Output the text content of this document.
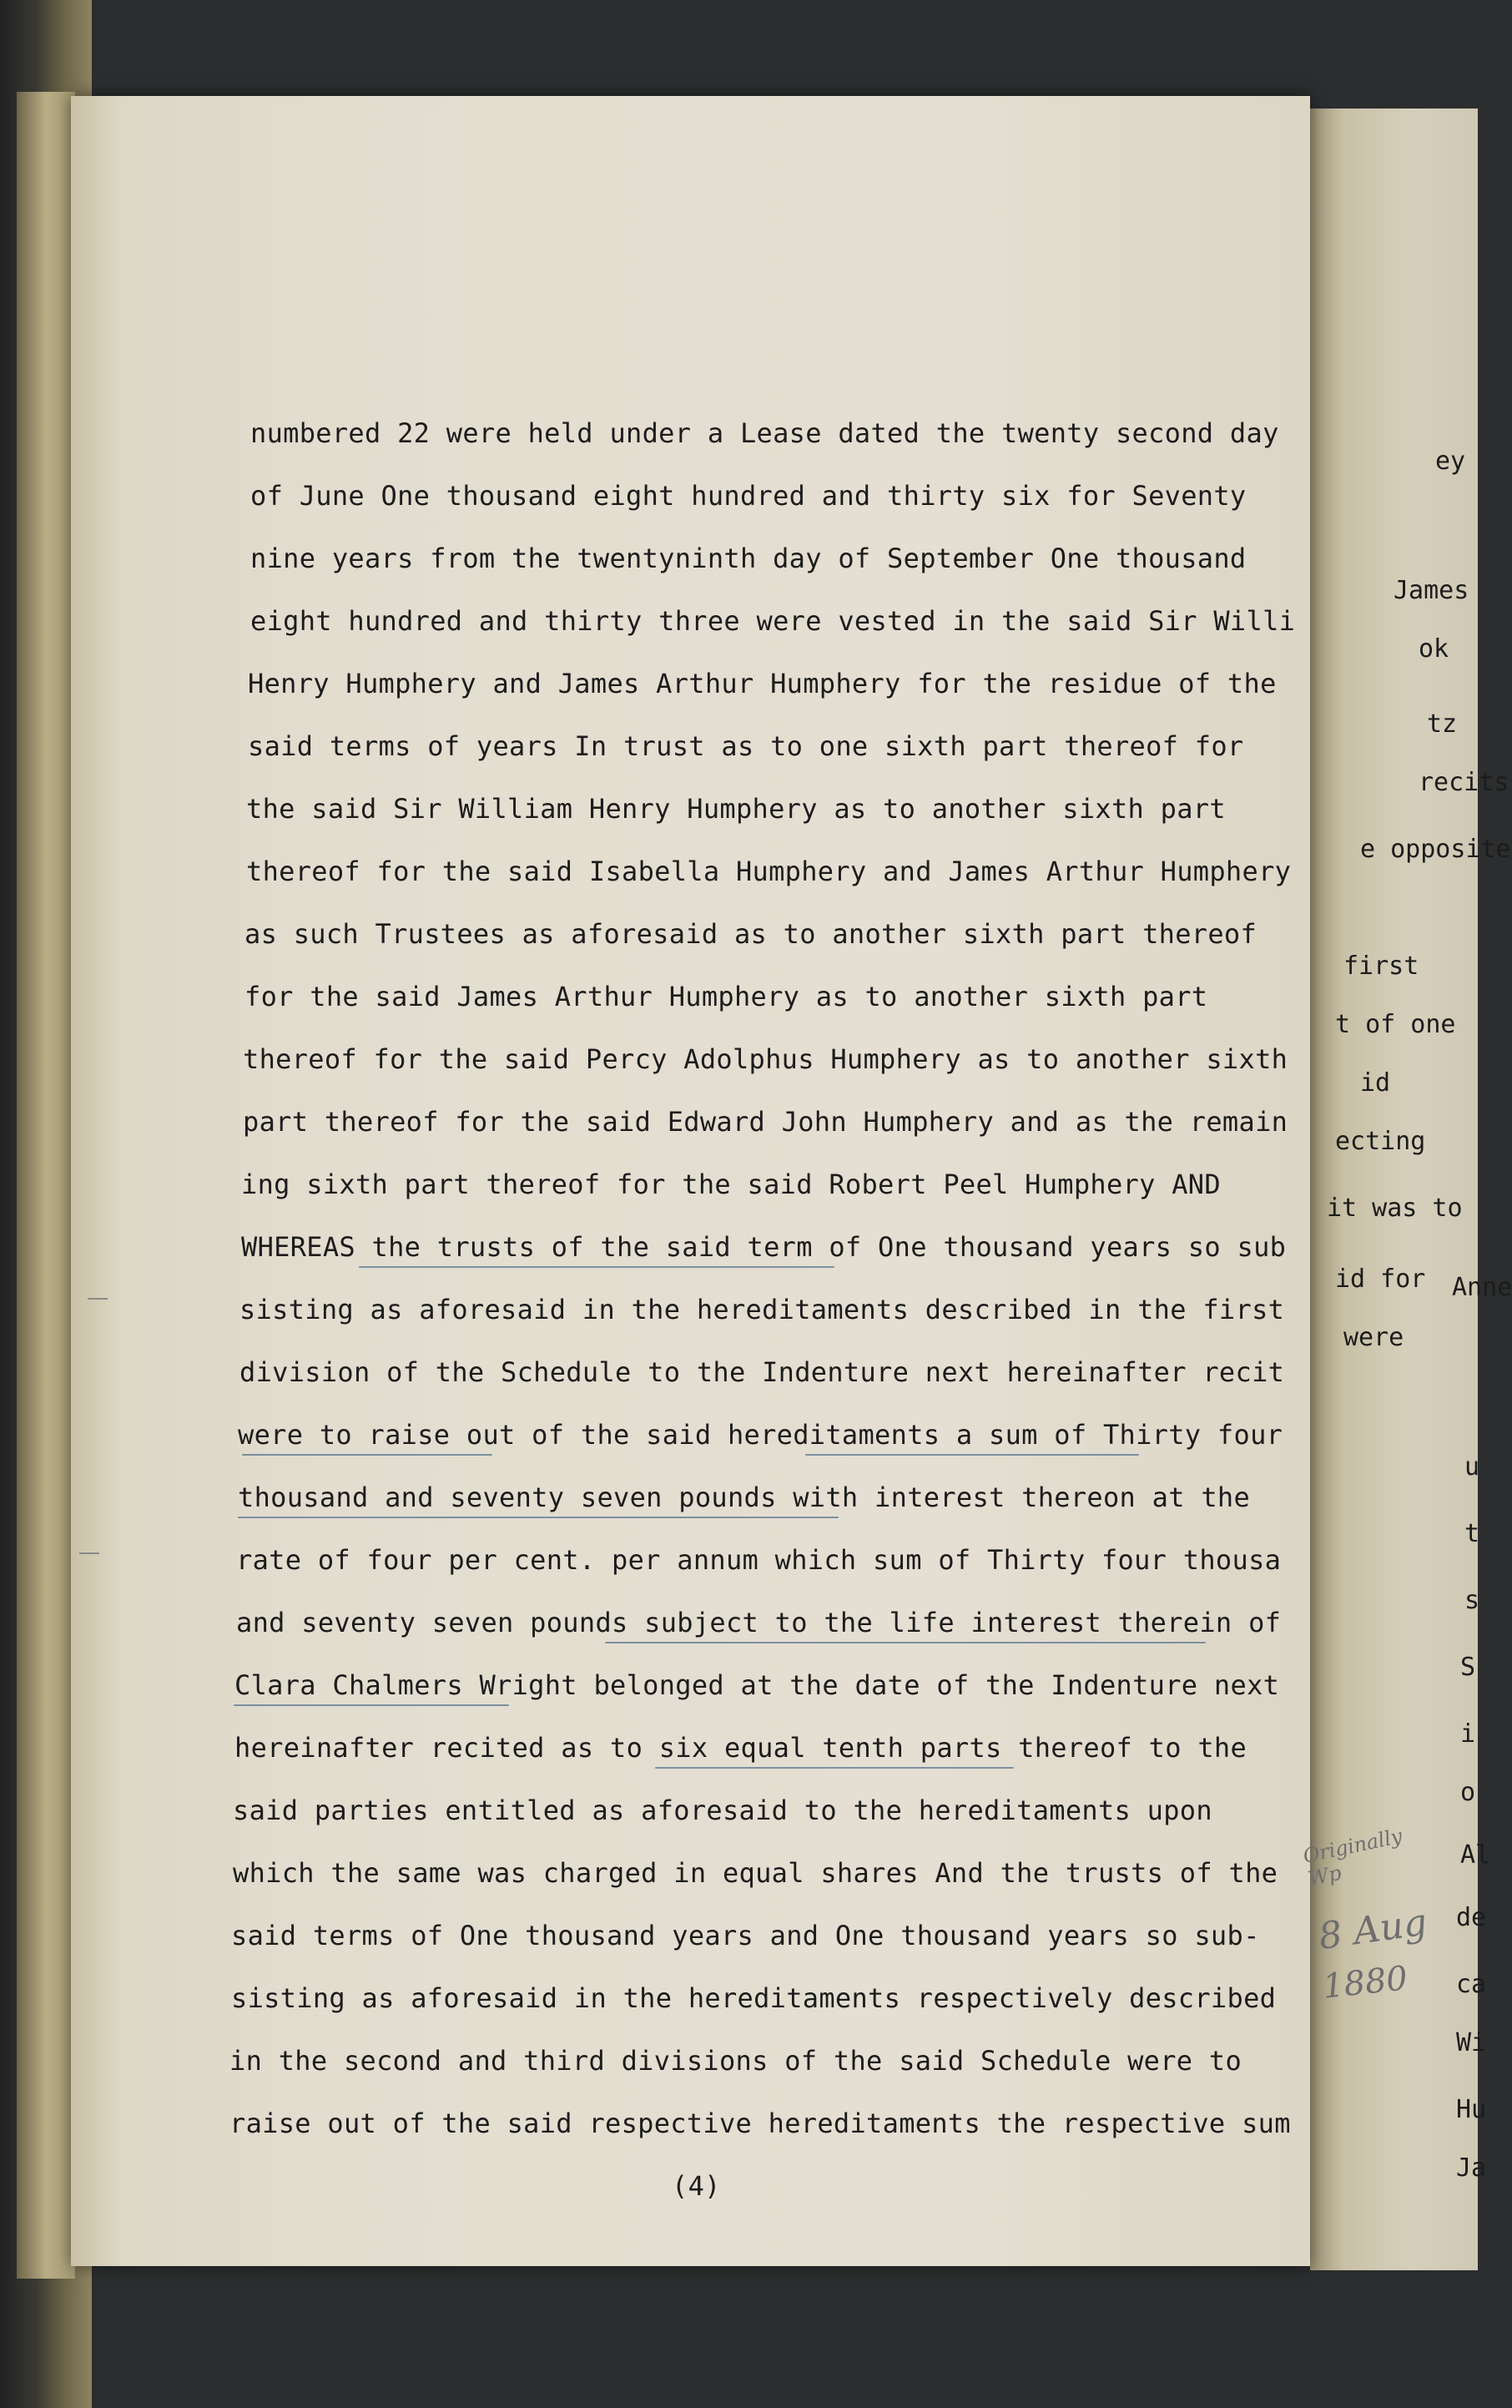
ey
James
ok
tz
recits
e opposite
first
t of one
id
ecting
it was to
id for
were
Anne
u
t
s
S
i
o
Al
de
ca
Wi
Hu
Ja
numbered 22 were held under a Lease dated the twenty second day
of June One thousand eight hundred and thirty six for Seventy
nine years from the twentyninth day of September One thousand
eight hundred and thirty three were vested in the said Sir Willi
Henry Humphery and James Arthur Humphery for the residue of the
said terms of years In trust as to one sixth part thereof for
the said Sir William Henry Humphery as to another sixth part
thereof for the said Isabella Humphery and James Arthur Humphery
as such Trustees as aforesaid as to another sixth part thereof
for the said James Arthur Humphery as to another sixth part
thereof for the said Percy Adolphus Humphery as to another sixth
part thereof for the said Edward John Humphery and as the remain
ing sixth part thereof for the said Robert Peel Humphery AND
WHEREAS the trusts of the said term of One thousand years so sub
sisting as aforesaid in the hereditaments described in the first
division of the Schedule to the Indenture next hereinafter recit
were to raise out of the said hereditaments a sum of Thirty four
thousand and seventy seven pounds with interest thereon at the
rate of four per cent. per annum which sum of Thirty four thousa
and seventy seven pounds subject to the life interest therein of
Clara Chalmers Wright belonged at the date of the Indenture next
hereinafter recited as to six equal tenth parts thereof to the
said parties entitled as aforesaid to the hereditaments upon
which the same was charged in equal shares And the trusts of the
said terms of One thousand years and One thousand years so sub-
sisting as aforesaid in the hereditaments respectively described
in the second and third divisions of the said Schedule were to
raise out of the said respective hereditaments the respective sum
(4)
Originally Wp
8 Aug
1880
